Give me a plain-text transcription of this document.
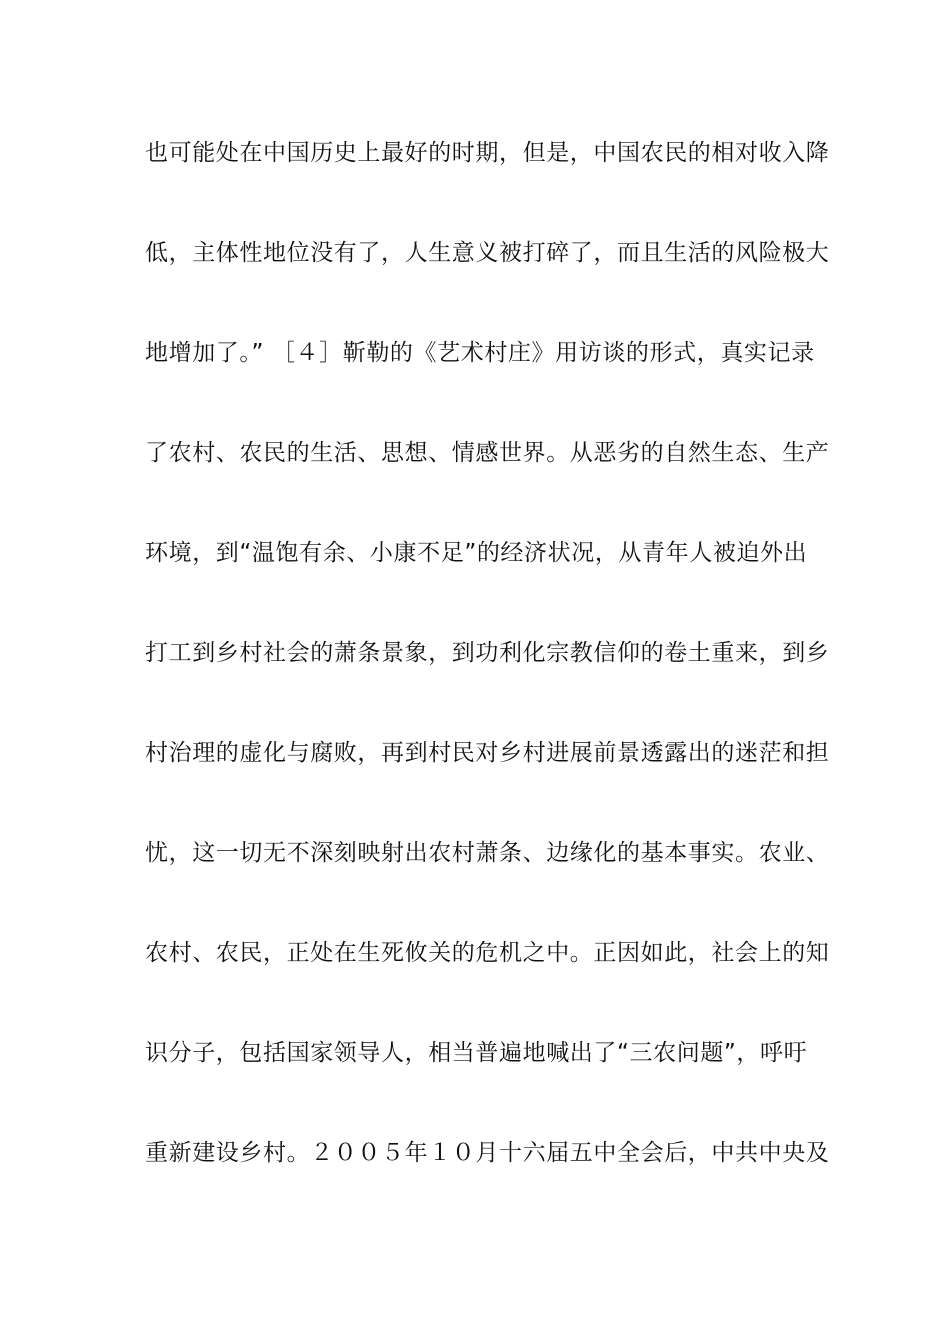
也可能处在中国历史上最好的时期，但是，中国农民的相对收入降
低，主体性地位没有了，人生意义被打碎了，而且生活的风险极大
地增加了。” ［４］靳勒的《艺术村庄》用访谈的形式，真实记录
了农村、农民的生活、思想、情感世界。从恶劣的自然生态、生产
环境，到“温饱有余、小康不足”的经济状况，从青年人被迫外出
打工到乡村社会的萧条景象，到功利化宗教信仰的卷土重来，到乡
村治理的虚化与腐败，再到村民对乡村进展前景透露出的迷茫和担
忧，这一切无不深刻映射出农村萧条、边缘化的基本事实。农业、
农村、农民，正处在生死攸关的危机之中。正因如此，社会上的知
识分子，包括国家领导人，相当普遍地喊出了“三农问题”，呼吁
重新建设乡村。２００５年１０月十六届五中全会后，中共中央及
